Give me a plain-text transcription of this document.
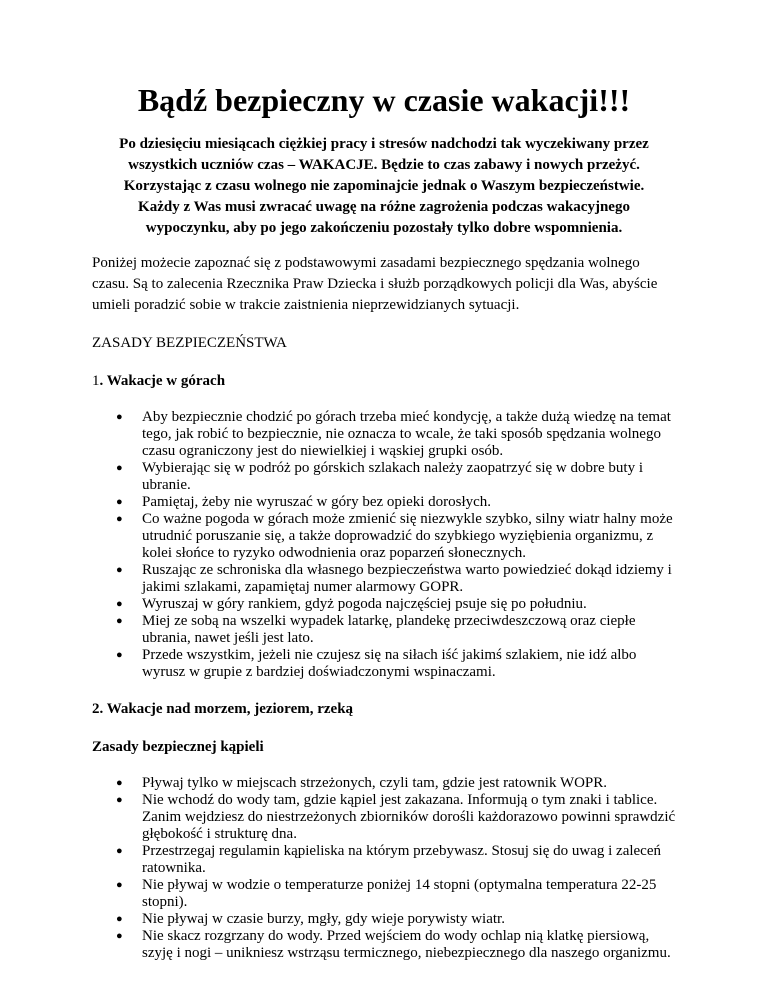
Bądź bezpieczny w czasie wakacji!!!

Po dziesięciu miesiącach ciężkiej pracy i stresów nadchodzi tak wyczekiwany przez wszystkich uczniów czas – WAKACJE. Będzie to czas zabawy i nowych przeżyć. Korzystając z czasu wolnego nie zapominajcie jednak o Waszym bezpieczeństwie. Każdy z Was musi zwracać uwagę na różne zagrożenia podczas wakacyjnego wypoczynku, aby po jego zakończeniu pozostały tylko dobre wspomnienia.

Poniżej możecie zapoznać się z podstawowymi zasadami bezpiecznego spędzania wolnego czasu. Są to zalecenia Rzecznika Praw Dziecka i służb porządkowych policji dla Was, abyście umieli poradzić sobie w trakcie zaistnienia nieprzewidzianych sytuacji.

ZASADY BEZPIECZEŃSTWA

1. Wakacje w górach

● Aby bezpiecznie chodzić po górach trzeba mieć kondycję, a także dużą wiedzę na temat tego, jak robić to bezpiecznie, nie oznacza to wcale, że taki sposób spędzania wolnego czasu ograniczony jest do niewielkiej i wąskiej grupki osób.
● Wybierając się w podróż po górskich szlakach należy zaopatrzyć się w dobre buty i ubranie.
● Pamiętaj, żeby nie wyruszać w góry bez opieki dorosłych.
● Co ważne pogoda w górach może zmienić się niezwykle szybko, silny wiatr halny może utrudnić poruszanie się, a także doprowadzić do szybkiego wyziębienia organizmu, z kolei słońce to ryzyko odwodnienia oraz poparzeń słonecznych.
● Ruszając ze schroniska dla własnego bezpieczeństwa warto powiedzieć dokąd idziemy i jakimi szlakami, zapamiętaj numer alarmowy GOPR.
● Wyruszaj w góry rankiem, gdyż pogoda najczęściej psuje się po południu.
● Miej ze sobą na wszelki wypadek latarkę, plandekę przeciwdeszczową oraz ciepłe ubrania, nawet jeśli jest lato.
● Przede wszystkim, jeżeli nie czujesz się na siłach iść jakimś szlakiem, nie idź albo wyrusz w grupie z bardziej doświadczonymi wspinaczami.

2. Wakacje nad morzem, jeziorem, rzeką

Zasady bezpiecznej kąpieli

● Pływaj tylko w miejscach strzeżonych, czyli tam, gdzie jest ratownik WOPR.
● Nie wchodź do wody tam, gdzie kąpiel jest zakazana. Informują o tym znaki i tablice. Zanim wejdziesz do niestrzeżonych zbiorników dorośli każdorazowo powinni sprawdzić głębokość i strukturę dna.
● Przestrzegaj regulamin kąpieliska na którym przebywasz. Stosuj się do uwag i zaleceń ratownika.
● Nie pływaj w wodzie o temperaturze poniżej 14 stopni (optymalna temperatura 22-25 stopni).
● Nie pływaj w czasie burzy, mgły, gdy wieje porywisty wiatr.
● Nie skacz rozgrzany do wody. Przed wejściem do wody ochlap nią klatkę piersiową, szyję i nogi – unikniesz wstrząsu termicznego, niebezpiecznego dla naszego organizmu.
